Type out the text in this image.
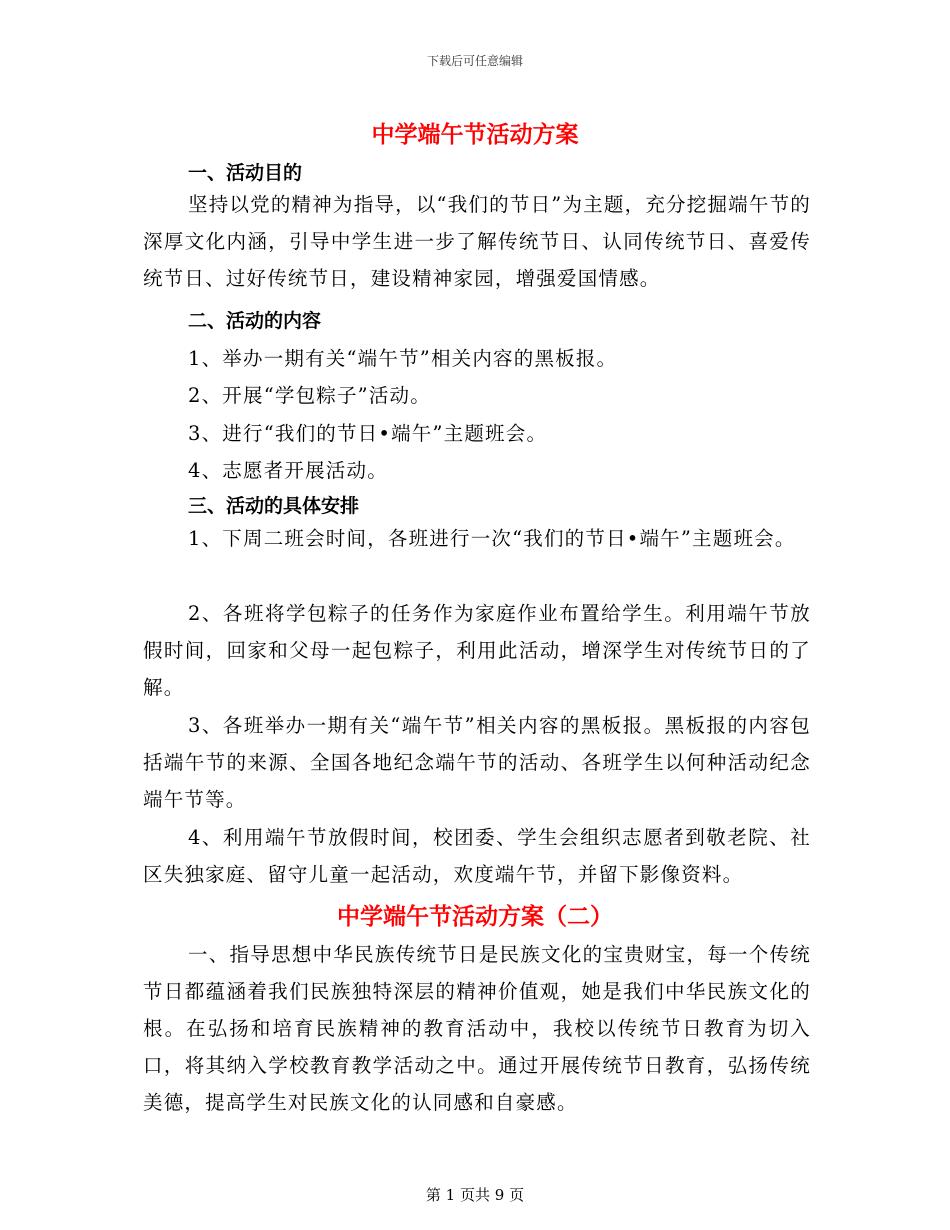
下载后可任意编辑
中学端午节活动方案
一、活动目的
坚持以党的精神为指导，以“我们的节日”为主题，充分挖掘端午节的深厚文化内涵，引导中学生进一步了解传统节日、认同传统节日、喜爱传统节日、过好传统节日，建设精神家园，增强爱国情感。
二、活动的内容
1、举办一期有关“端午节”相关内容的黑板报。
2、开展“学包粽子”活动。
3、进行“我们的节日•端午”主题班会。
4、志愿者开展活动。
三、活动的具体安排
1、下周二班会时间，各班进行一次“我们的节日•端午”主题班会。
2、各班将学包粽子的任务作为家庭作业布置给学生。利用端午节放假时间，回家和父母一起包粽子，利用此活动，增深学生对传统节日的了解。
3、各班举办一期有关“端午节”相关内容的黑板报。黑板报的内容包括端午节的来源、全国各地纪念端午节的活动、各班学生以何种活动纪念端午节等。
4、利用端午节放假时间，校团委、学生会组织志愿者到敬老院、社区失独家庭、留守儿童一起活动，欢度端午节，并留下影像资料。
中学端午节活动方案（二）
一、指导思想中华民族传统节日是民族文化的宝贵财宝，每一个传统节日都蕴涵着我们民族独特深层的精神价值观，她是我们中华民族文化的根。在弘扬和培育民族精神的教育活动中，我校以传统节日教育为切入口，将其纳入学校教育教学活动之中。通过开展传统节日教育，弘扬传统美德，提高学生对民族文化的认同感和自豪感。
第 1 页共 9 页
